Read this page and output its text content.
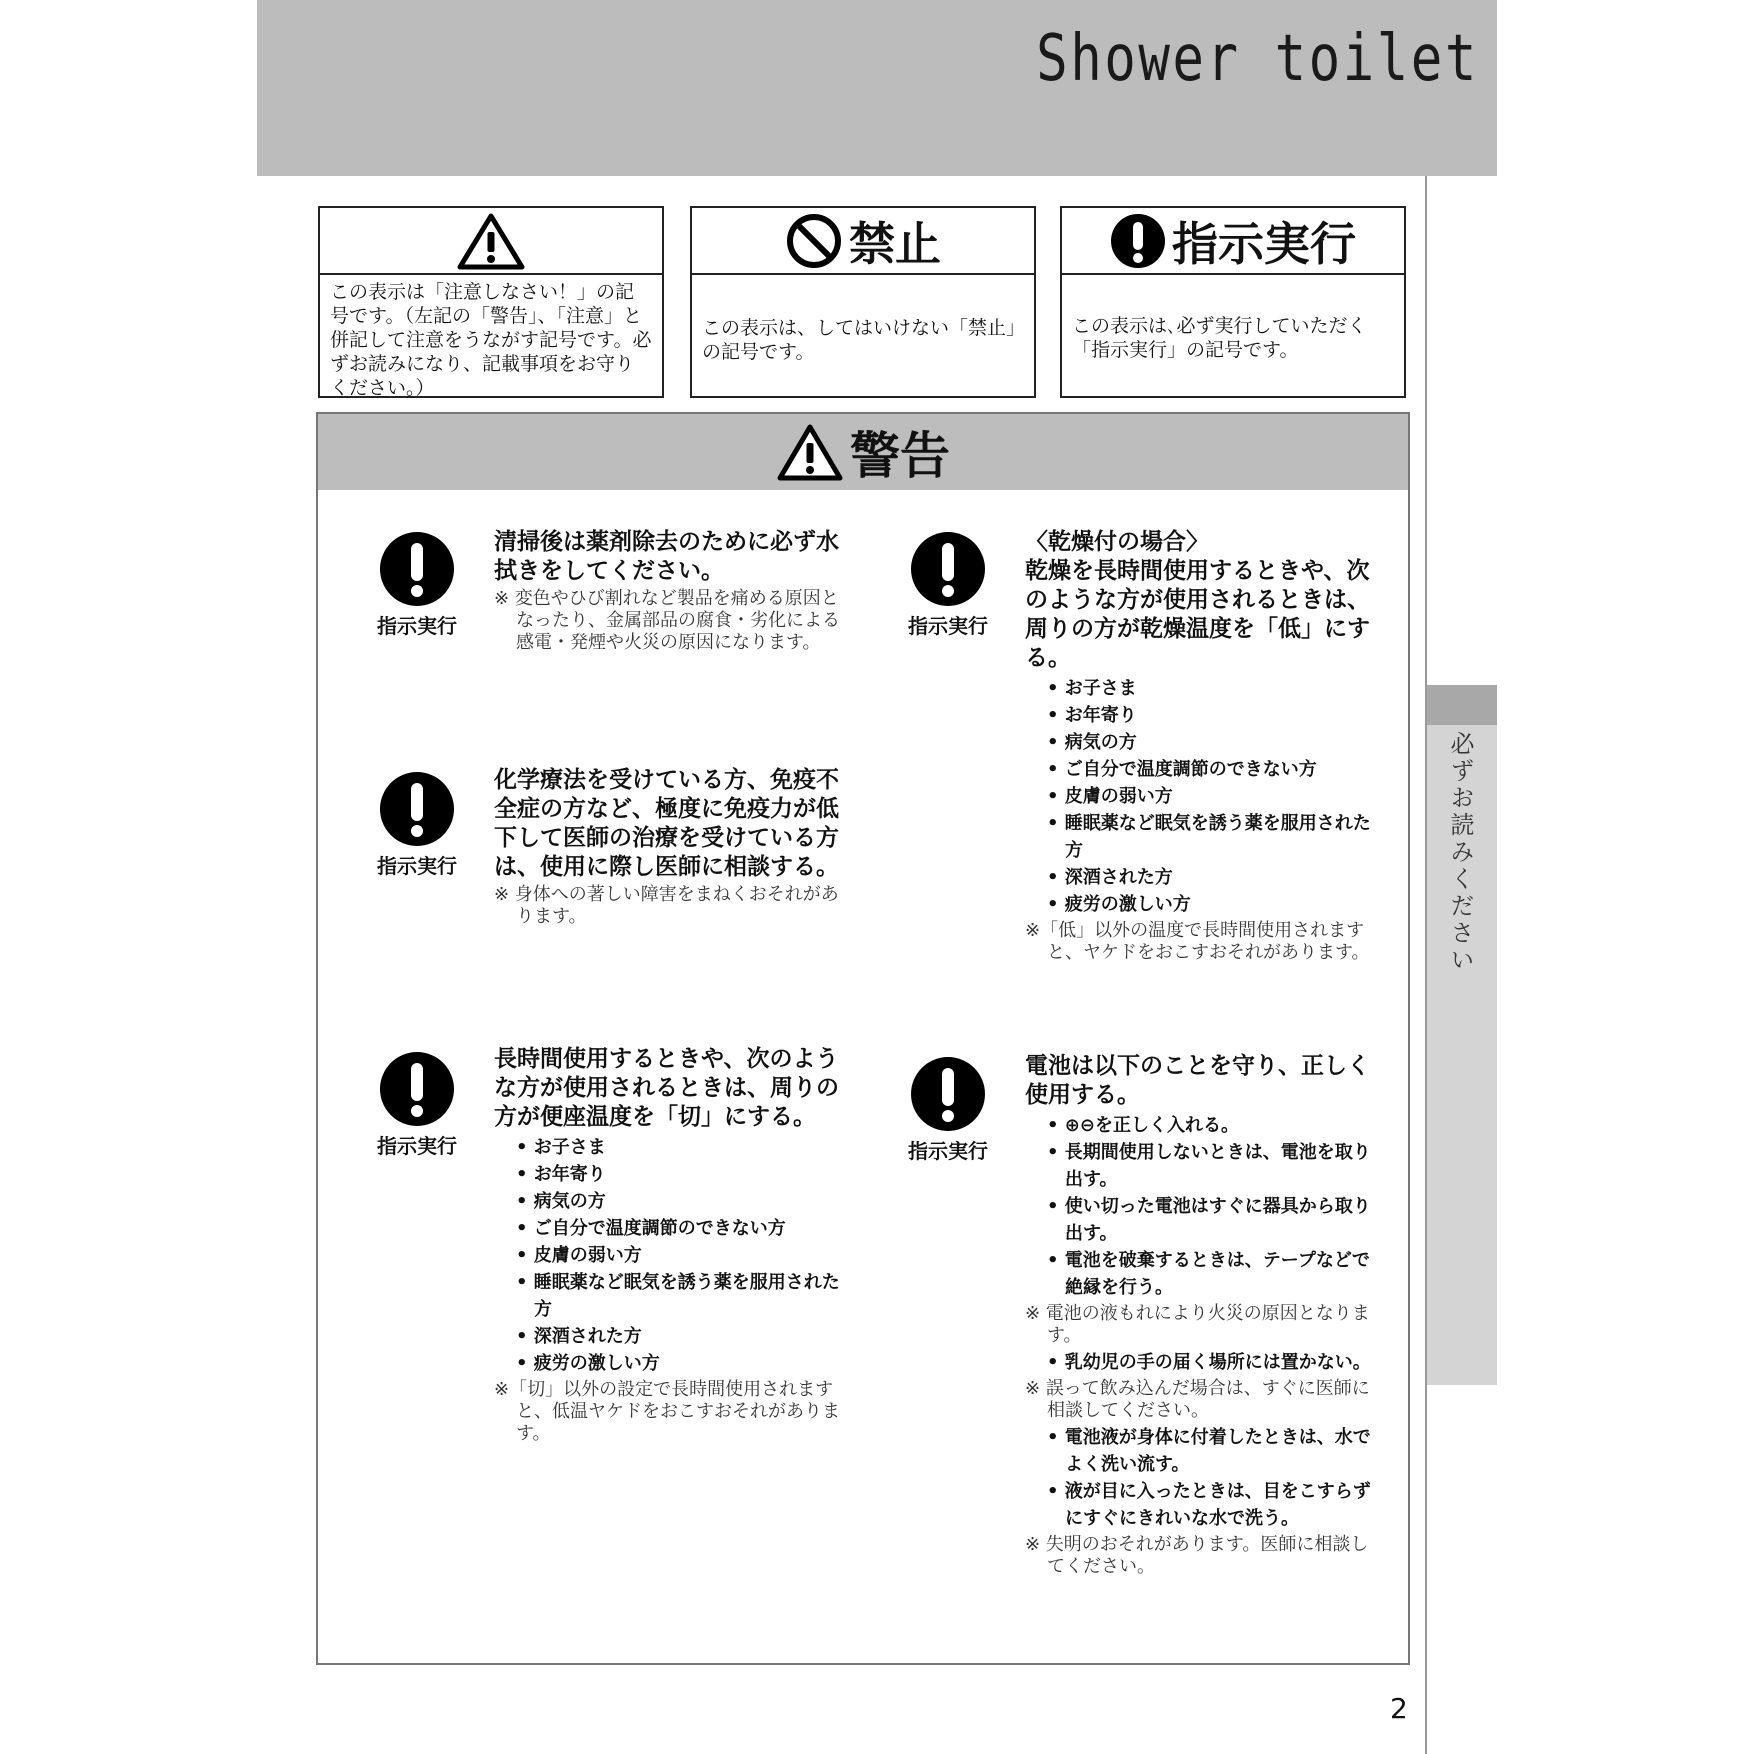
Shower toilet
必ずお読みください
この表示は「注意しなさい！」の記号です。（左記の「警告」、「注意」と併記して注意をうながす記号です。必ずお読みになり、記載事項をお守りください。）
禁止
この表示は、してはいけない「禁止」の記号です。
指示実行
この表示は､必ず実行していただく「指示実行」の記号です。
警告
指示実行

清掃後は薬剤除去のために必ず水拭きをしてください。

※ 変色やひび割れなど製品を痛める原因となったり、金属部品の腐食・劣化による感電・発煙や火災の原因になります。
指示実行

化学療法を受けている方、免疫不全症の方など、極度に免疫力が低下して医師の治療を受けている方は、使用に際し医師に相談する。

※ 身体への著しい障害をまねくおそれがあります。
指示実行

長時間使用するときや、次のような方が使用されるときは、周りの方が便座温度を「切」にする。

• お子さま
• お年寄り
• 病気の方
• ご自分で温度調節のできない方
• 皮膚の弱い方
• 睡眠薬など眠気を誘う薬を服用された方
• 深酒された方
• 疲労の激しい方
※「切」以外の設定で長時間使用されますと、低温ヤケドをおこすおそれがあります。
指示実行

〈乾燥付の場合〉

乾燥を長時間使用するときや、次のような方が使用されるときは、周りの方が乾燥温度を「低」にする。

• お子さま
• お年寄り
• 病気の方
• ご自分で温度調節のできない方
• 皮膚の弱い方
• 睡眠薬など眠気を誘う薬を服用された方
• 深酒された方
• 疲労の激しい方
※「低」以外の温度で長時間使用されますと、ヤケドをおこすおそれがあります。
指示実行

電池は以下のことを守り、正しく使用する。

• ⊕⊖を正しく入れる。
• 長期間使用しないときは、電池を取り出す。
• 使い切った電池はすぐに器具から取り出す。
• 電池を破棄するときは、テープなどで絶縁を行う。
※ 電池の液もれにより火災の原因となります。
• 乳幼児の手の届く場所には置かない。
※ 誤って飲み込んだ場合は、すぐに医師に相談してください。
• 電池液が身体に付着したときは、水でよく洗い流す。
• 液が目に入ったときは、目をこすらずにすぐにきれいな水で洗う。
※ 失明のおそれがあります。医師に相談してください。
2
